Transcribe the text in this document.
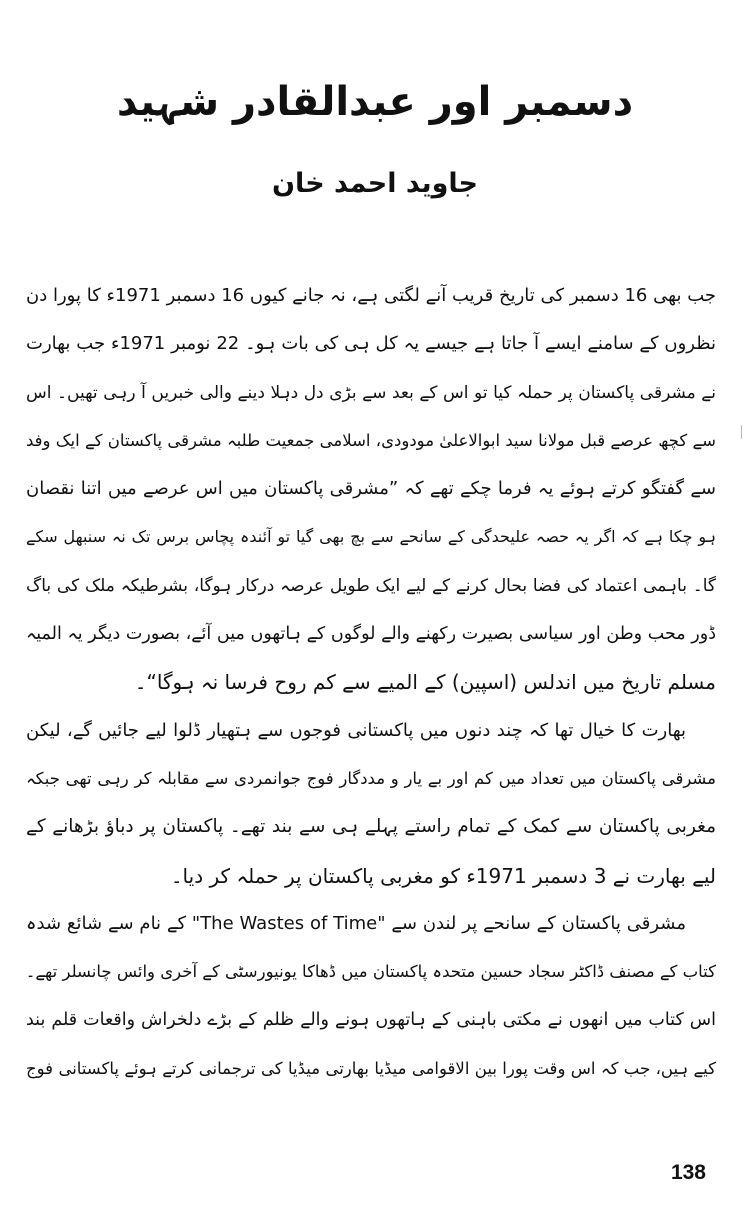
دسمبر اور عبدالقادر شہید
جاوید احمد خان
جب بھی 16 دسمبر کی تاریخ قریب آنے لگتی ہے، نہ جانے کیوں 16 دسمبر 1971ء کا پورا دن
نظروں کے سامنے ایسے آ جاتا ہے جیسے یہ کل ہی کی بات ہو۔ 22 نومبر 1971ء جب بھارت
نے مشرقی پاکستان پر حملہ کیا تو اس کے بعد سے بڑی دل دہلا دینے والی خبریں آ رہی تھیں۔ اس
سے کچھ عرصے قبل مولانا سید ابوالاعلیٰ مودودی، اسلامی جمعیت طلبہ مشرقی پاکستان کے ایک وفد
سے گفتگو کرتے ہوئے یہ فرما چکے تھے کہ ”مشرقی پاکستان میں اس عرصے میں اتنا نقصان
ہو چکا ہے کہ اگر یہ حصہ علیحدگی کے سانحے سے بچ بھی گیا تو آئندہ پچاس برس تک نہ سنبھل سکے
گا۔ باہمی اعتماد کی فضا بحال کرنے کے لیے ایک طویل عرصہ درکار ہوگا، بشرطیکہ ملک کی باگ
ڈور محب وطن اور سیاسی بصیرت رکھنے والے لوگوں کے ہاتھوں میں آئے، بصورت دیگر یہ المیہ
مسلم تاریخ میں اندلس (اسپین) کے المیے سے کم روح فرسا نہ ہوگا“۔
بھارت کا خیال تھا کہ چند دنوں میں پاکستانی فوجوں سے ہتھیار ڈلوا لیے جائیں گے، لیکن
مشرقی پاکستان میں تعداد میں کم اور بے یار و مددگار فوج جوانمردی سے مقابلہ کر رہی تھی جبکہ
مغربی پاکستان سے کمک کے تمام راستے پہلے ہی سے بند تھے۔ پاکستان پر دباؤ بڑھانے کے
لیے بھارت نے 3 دسمبر 1971ء کو مغربی پاکستان پر حملہ کر دیا۔
مشرقی پاکستان کے سانحے پر لندن سے "The Wastes of Time" کے نام سے شائع شدہ
کتاب کے مصنف ڈاکٹر سجاد حسین متحدہ پاکستان میں ڈھاکا یونیورسٹی کے آخری وائس چانسلر تھے۔
اس کتاب میں انھوں نے مکتی باہنی کے ہاتھوں ہونے والے ظلم کے بڑے دلخراش واقعات قلم بند
کیے ہیں، جب کہ اس وقت پورا بین الاقوامی میڈیا بھارتی میڈیا کی ترجمانی کرتے ہوئے پاکستانی فوج
138
